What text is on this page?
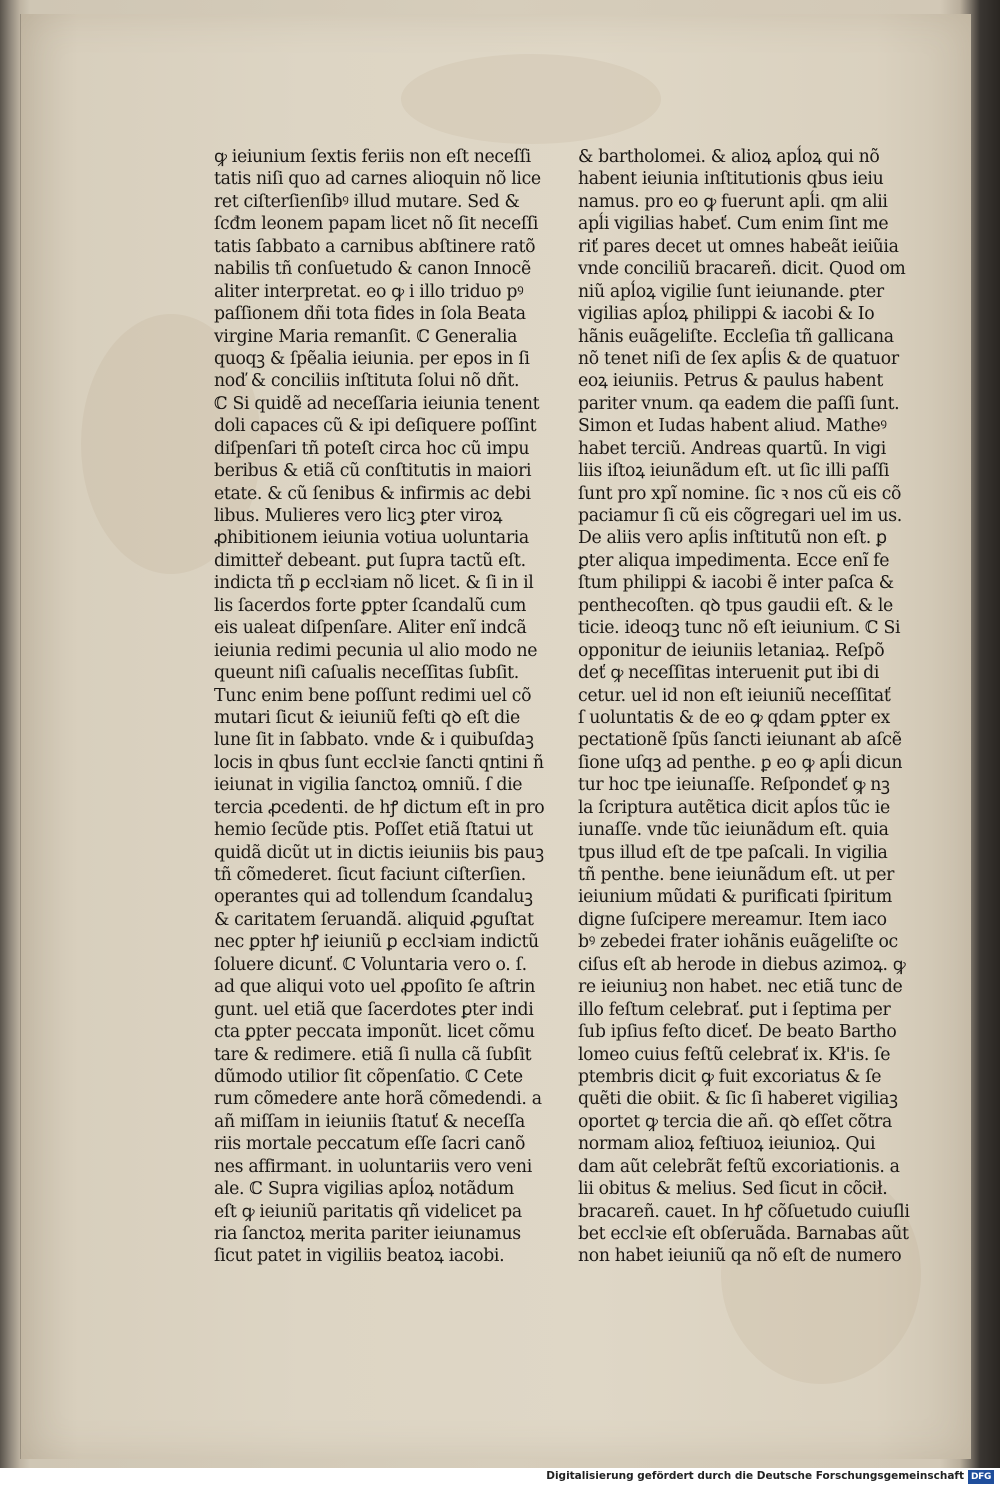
ꝙ ieiunium ſextis feriis non eſt neceſſi
tatis niſi quo ad carnes alioquin nõ lice
ret ciſterſienſibꝰ illud mutare. Sed &
ſcđm leonem papam licet nõ ſit neceſſi
tatis ſabbato a carnibus abſtinere ratõ
nabilis tñ conſuetudo & canon Innocẽ
aliter interpretat. eo ꝙ i illo triduo pꝰ
paſſionem dñi tota fides in ſola Beata
virgine Maria remanſit. ℂ Generalia
quoqꝫ & ſpẽalia ieiunia. per epos in ſi
noď & conciliis inſtituta ſolui nõ dñt.
ℂ Si quidẽ ad neceſſaria ieiunia tenent
doli capaces cũ & ipi deſiquere poſſint
diſpenſari tñ poteſt circa hoc cũ impu
beribus & etiã cũ conſtitutis in maiori
etate. & cũ ſenibus & infirmis ac debi
libus. Mulieres vero licꝫ ꝑter viroꝝ
ꝓhibitionem ieiunia votiua uoluntaria
dimitteř debeant. ꝑut ſupra tactũ eſt.
indicta tñ ꝑ ecclꝛiam nõ licet. & ſi in il
lis ſacerdos forte ꝑpter ſcandalũ cum
eis ualeat diſpenſare. Aliter enĩ indcã
ieiunia redimi pecunia ul alio modo ne
queunt niſi caſualis neceſſitas ſubſit.
Tunc enim bene poſſunt redimi uel cõ
mutari ſicut & ieiuniũ feſti qꝺ eſt die
lune ſit in ſabbato. vnde & i quibuſdaꝫ
locis in qbus ſunt ecclꝛie ſancti qntini ñ
ieiunat in vigilia ſanctoꝝ omniũ. ſ die
tercia ꝓcedenti. de hꝭ dictum eſt in pro
hemio ſecũde ptis. Poſſet etiã ſtatui ut
quidã dicũt ut in dictis ieiuniis bis pauꝫ
tñ cõmederet. ſicut faciunt ciſterſien.
operantes qui ad tollendum ſcandaluꝫ
& caritatem ſeruandã. aliquid ꝓguſtat
nec ꝑpter hꝭ ieiuniũ ꝑ ecclꝛiam indictũ
ſoluere dicunť. ℂ Voluntaria vero o. ſ.
ad que aliqui voto uel ꝓpoſito ſe aſtrin
gunt. uel etiã que ſacerdotes ꝑter indi
cta ꝑpter peccata imponũt. licet cõmu
tare & redimere. etiã ſi nulla cã ſubſit
dũmodo utilior ſit cõpenſatio. ℂ Cete
rum cõmedere ante horã cõmedendi. a
añ miſſam in ieiuniis ſtatuť & neceſſa
riis mortale peccatum eſſe ſacri canõ
nes affirmant. in uoluntariis vero veni
ale. ℂ Supra vigilias apĺoꝝ notãdum
eſt ꝙ ieiuniũ paritatis qñ videlicet pa
ria ſanctoꝝ merita pariter ieiunamus
ſicut patet in vigiliis beatoꝝ iacobi.
& bartholomei. & alioꝝ apĺoꝝ qui nõ
habent ieiunia inſtitutionis qbus ieiu
namus. pro eo ꝙ fuerunt apĺi. qm alii
apĺi vigilias habeť. Cum enim ſint me
riť pares decet ut omnes habeãt ieiũia
vnde conciliũ bracareñ. dicit. Quod om
niũ apĺoꝝ vigilie ſunt ieiunande. ꝑter
vigilias apĺoꝝ philippi & iacobi & Io
hãnis euãgeliſte. Eccleſia tñ gallicana
nõ tenet niſi de ſex apĺis & de quatuor
eoꝝ ieiuniis. Petrus & paulus habent
pariter vnum. qa eadem die paſſi ſunt.
Simon et Iudas habent aliud. Matheꝰ
habet terciũ. Andreas quartũ. In vigi
liis iſtoꝝ ieiunãdum eſt. ut ſic illi paſſi
ſunt pro xpĩ nomine. ſic ꝛ nos cũ eis cõ
paciamur ſi cũ eis cõgregari uel im us.
De aliis vero apĺis inſtitutũ non eſt. ꝑ
ꝑter aliqua impedimenta. Ecce enĩ fe
ſtum philippi & iacobi ẽ inter paſca &
penthecoſten. qꝺ tpus gaudii eſt. & le
ticie. ideoqꝫ tunc nõ eſt ieiunium. ℂ Si
opponitur de ieiuniis letaniaꝝ. Reſpõ
deť ꝙ neceſſitas interuenit ꝑut ibi di
cetur. uel id non eſt ieiuniũ neceſſitať
ſ uoluntatis & de eo ꝙ qdam ꝑpter ex
pectationẽ ſpũs ſancti ieiunant ab aſcẽ
ſione uſqꝫ ad penthe. ꝑ eo ꝙ apĺi dicun
tur hoc tpe ieiunaſſe. Reſpondeť ꝙ nꝫ
la ſcriptura autẽtica dicit apĺos tũc ie
iunaſſe. vnde tũc ieiunãdum eſt. quia
tpus illud eſt de tpe paſcali. In vigilia
tñ penthe. bene ieiunãdum eſt. ut per
ieiunium mũdati & purificati ſpiritum
digne ſuſcipere mereamur. Item iaco
bꝰ zebedei frater iohãnis euãgeliſte oc
ciſus eſt ab herode in diebus azimoꝝ. ꝙ
re ieiuniuꝫ non habet. nec etiã tunc de
illo feſtum celebrať. ꝑut i ſeptima per
ſub ipſius feſto diceť. De beato Bartho
lomeo cuius feſtũ celebrať ix. Kł'is. ſe
ptembris dicit ꝙ fuit excoriatus & ſe
quẽti die obiit. & ſic ſi haberet vigiliaꝫ
oportet ꝙ tercia die añ. qꝺ eſſet cõtra
normam alioꝝ feſtiuoꝝ ieiunioꝝ. Qui
dam aũt celebrãt feſtũ excoriationis. a
lii obitus & melius. Sed ſicut in cõcił.
bracareñ. cauet. In hꝭ cõſuetudo cuiuſli
bet ecclꝛie eſt obſeruãda. Barnabas aũt
non habet ieiuniũ qa nõ eſt de numero
Digitalisierung gefördert durch die Deutsche Forschungsgemeinschaft DFG
